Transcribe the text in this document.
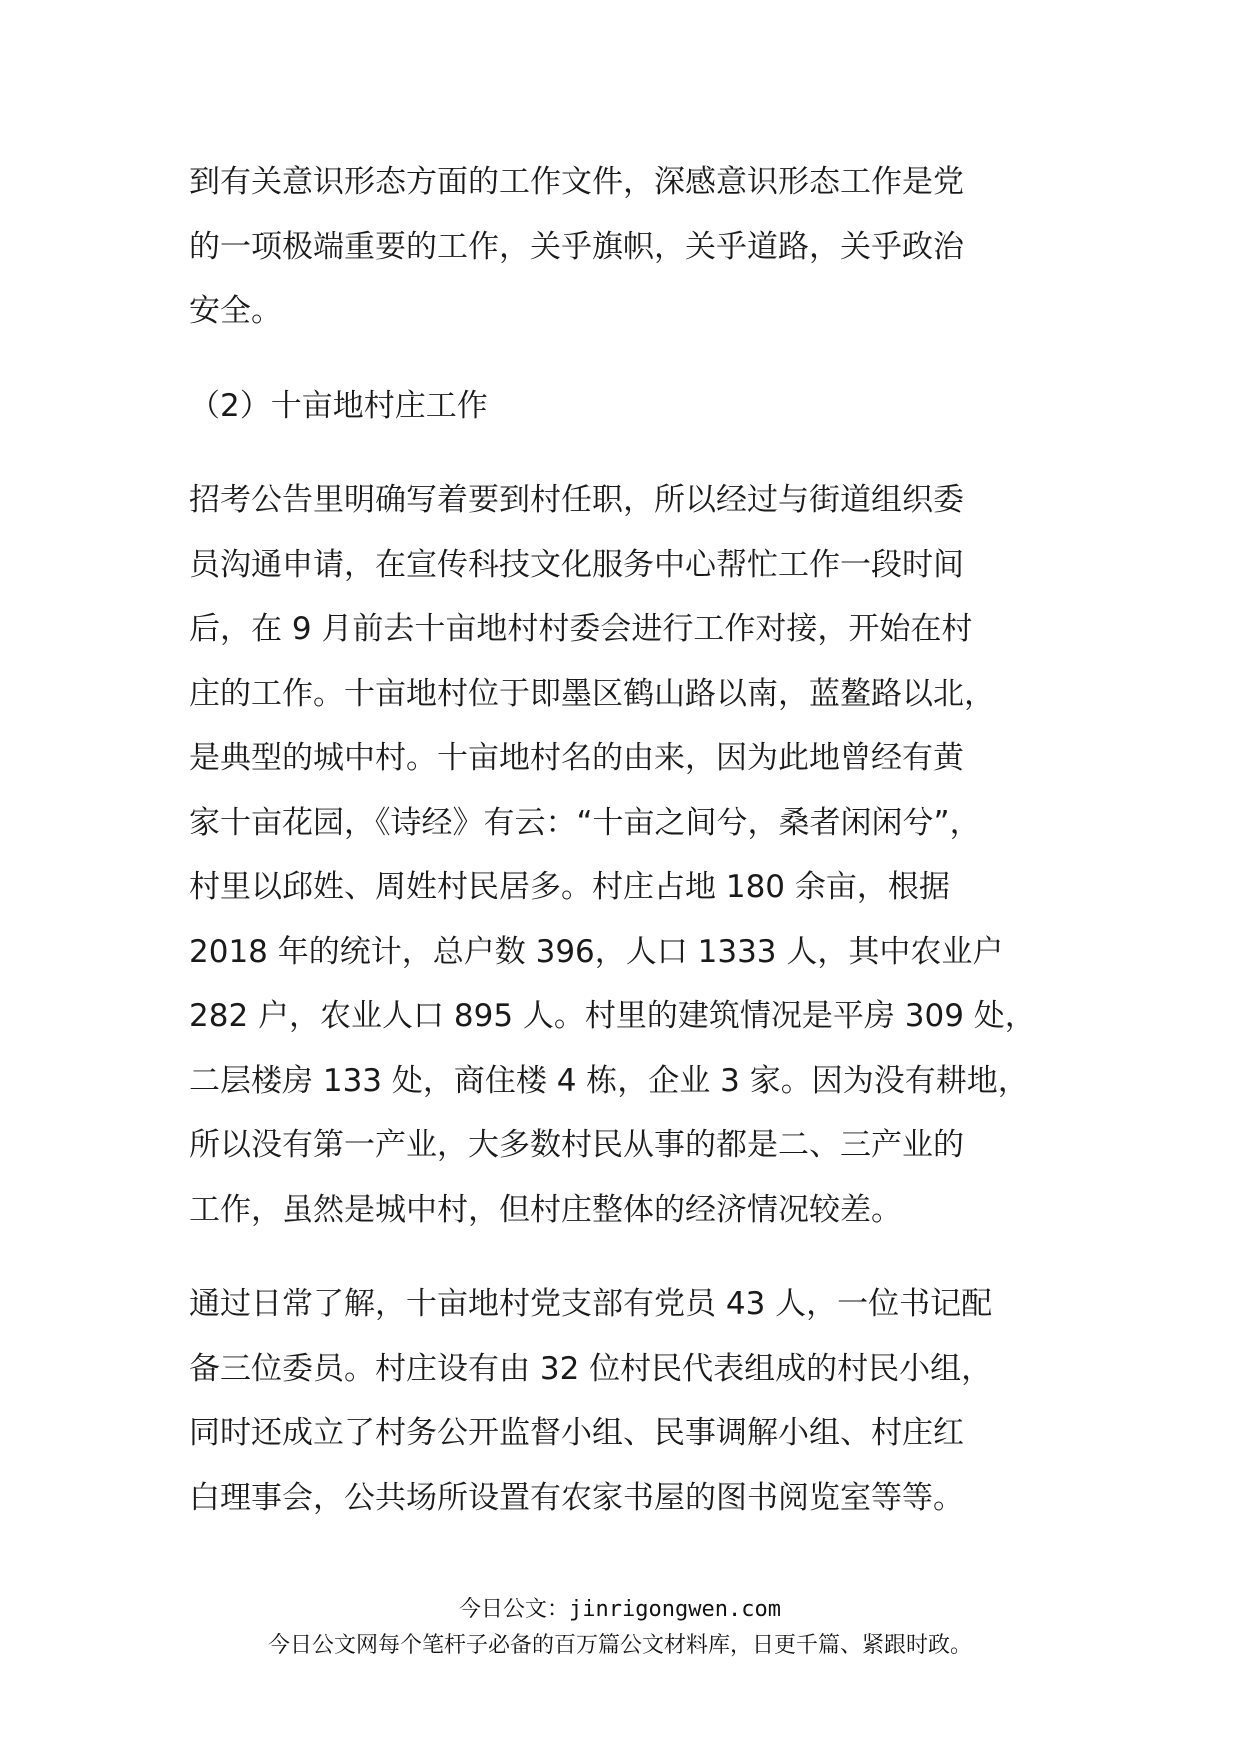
到有关意识形态方面的工作文件，深感意识形态工作是党
的一项极端重要的工作，关乎旗帜，关乎道路，关乎政治
安全。
（2）十亩地村庄工作
招考公告里明确写着要到村任职，所以经过与街道组织委
员沟通申请，在宣传科技文化服务中心帮忙工作一段时间
后，在 9 月前去十亩地村村委会进行工作对接，开始在村
庄的工作。十亩地村位于即墨区鹤山路以南，蓝鳌路以北，
是典型的城中村。十亩地村名的由来，因为此地曾经有黄
家十亩花园，《诗经》有云：“十亩之间兮，桑者闲闲兮”，
村里以邱姓、周姓村民居多。村庄占地 180 余亩，根据
2018 年的统计，总户数 396，人口 1333 人，其中农业户
282 户，农业人口 895 人。村里的建筑情况是平房 309 处，
二层楼房 133 处，商住楼 4 栋，企业 3 家。因为没有耕地，
所以没有第一产业，大多数村民从事的都是二、三产业的
工作，虽然是城中村，但村庄整体的经济情况较差。
通过日常了解，十亩地村党支部有党员 43 人，一位书记配
备三位委员。村庄设有由 32 位村民代表组成的村民小组，
同时还成立了村务公开监督小组、民事调解小组、村庄红
白理事会，公共场所设置有农家书屋的图书阅览室等等。
今日公文：jinrigongwen.com
今日公文网每个笔杆子必备的百万篇公文材料库，日更千篇、紧跟时政。
